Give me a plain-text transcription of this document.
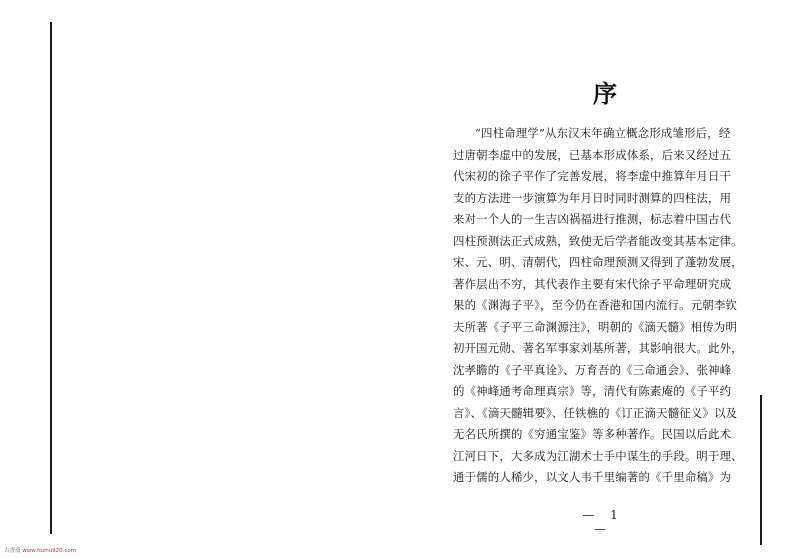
序
“四柱命理学”从东汉末年确立概念形成雏形后，经
过唐朝李虚中的发展，已基本形成体系，后来又经过五
代宋初的徐子平作了完善发展，将李虚中推算年月日干
支的方法进一步演算为年月日时同时测算的四柱法，用
来对一个人的一生吉凶祸福进行推测，标志着中国古代
四柱预测法正式成熟，致使无后学者能改变其基本定律。
宋、元、明、清朝代，四柱命理预测又得到了蓬勃发展，
著作层出不穷，其代表作主要有宋代徐子平命理研究成
果的《渊海子平》，至今仍在香港和国内流行。元朝李钦
夫所著《子平三命渊源注》，明朝的《滴天髓》相传为明
初开国元勋、著名军事家刘基所著，其影响很大。此外，
沈孝瞻的《子平真诠》、万育吾的《三命通会》、张神峰
的《神峰通考命理真宗》等，清代有陈素庵的《子平约
言》、《滴天髓辑要》、任铁樵的《订正滴天髓征义》以及
无名氏所撰的《穷通宝鉴》等多种著作。民国以后此术
江河日下，大多成为江湖术士手中谋生的手段。明于理、
通于儒的人稀少，以文人韦千里编著的《千里命稿》为
— 1 —
古香斋 www.fozhu920.com
